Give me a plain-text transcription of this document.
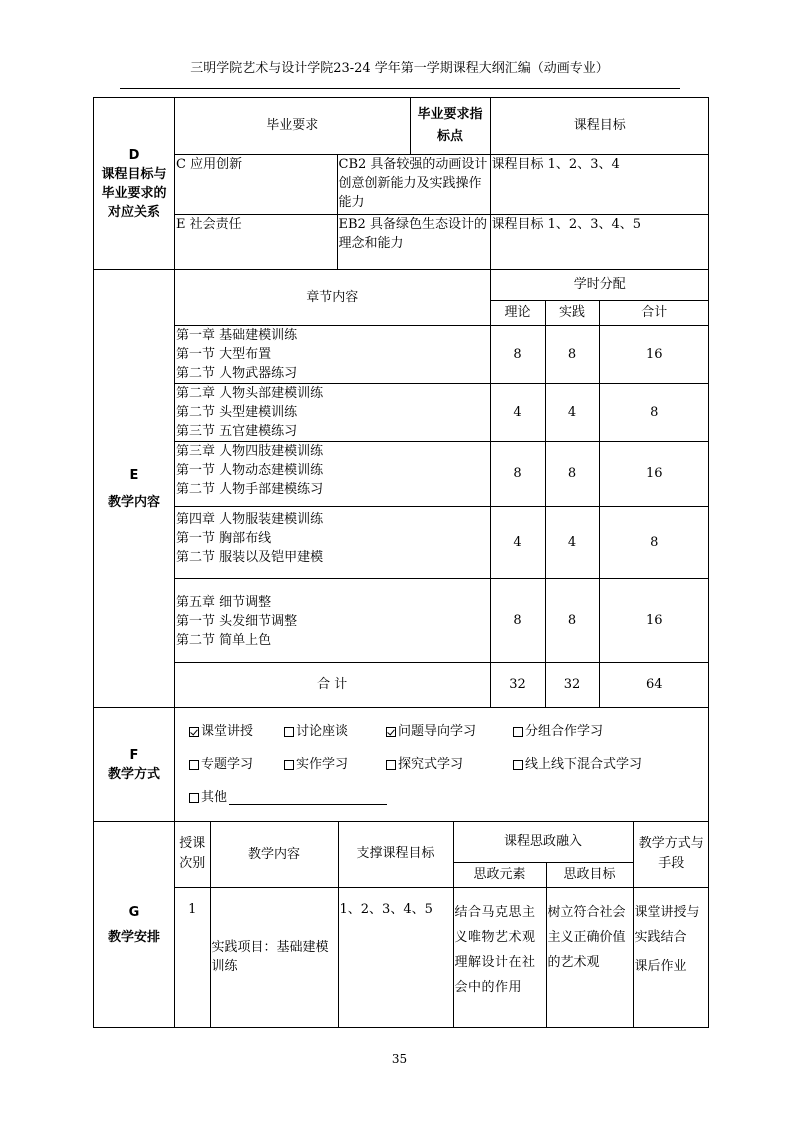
三明学院艺术与设计学院23-24 学年第一学期课程大纲汇编（动画专业）
D
课程目标与
毕业要求的
对应关系

毕业要求	毕业要求指标点	课程目标
C 应用创新	CB2 具备较强的动画设计创意创新能力及实践操作能力	课程目标 1、2、3、4
E 社会责任	EB2 具备绿色生态设计的理念和能力	课程目标 1、2、3、4、5

E
教学内容

章节内容	学时分配
理论	实践	合计

第一章 基础建模训练
第一节 大型布置
第二节 人物武器练习
	8	8	16

第二章 人物头部建模训练
第二节 头型建模训练
第三节 五官建模练习
	4	4	8

第三章 人物四肢建模训练
第一节 人物动态建模训练
第二节 人物手部建模练习
	8	8	16

第四章 人物服装建模训练
第一节 胸部布线
第二节 服装以及铠甲建模
	4	4	8

第五章 细节调整
第一节 头发细节调整
第二节 简单上色
	8	8	16
合 计	32	32	64

F
教学方式

课堂讲授	讨论座谈	问题导向学习	分组合作学习
专题学习	实作学习	探究式学习	线上线下混合式学习
其他

G
教学安排

授课次别	教学内容	支撑课程目标	课程思政融入	教学方式与手段
思政元素	思政目标
1	实践项目：基础建模训练	1、2、3、4、5	结合马克思主义唯物艺术观理解设计在社会中的作用	树立符合社会主义正确价值的艺术观	
课堂讲授与实践结合
课后作业
35
